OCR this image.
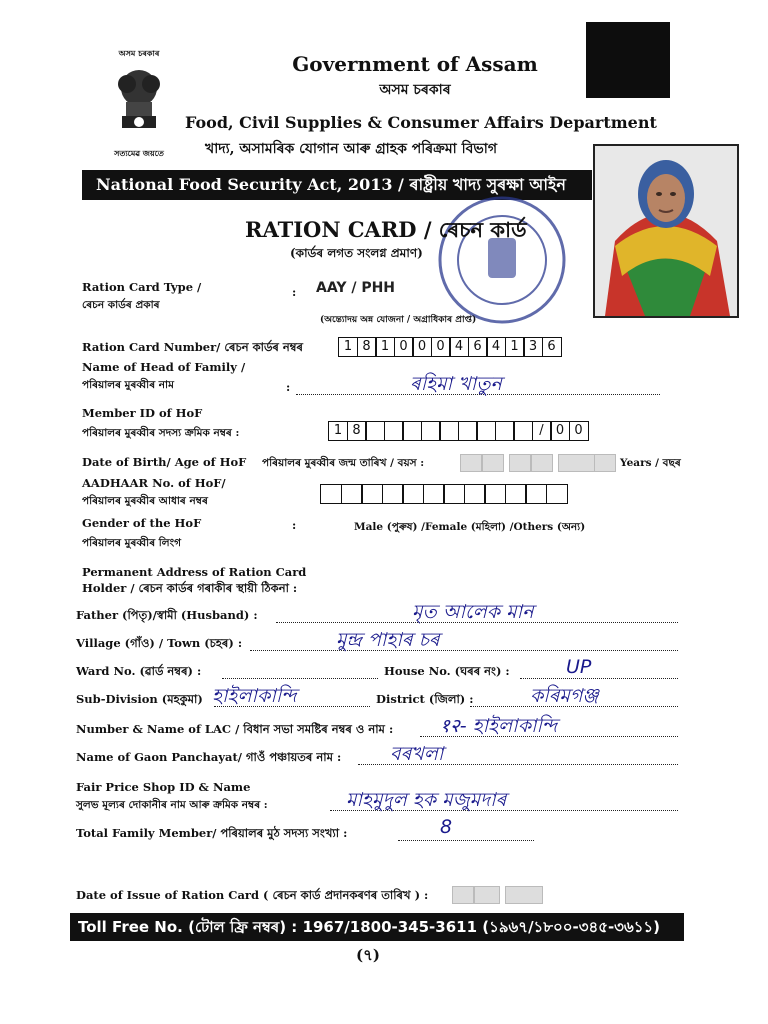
অসম চৰকাৰ
সত্যমেৱ জয়তে
Government of Assam
অসম চৰকাৰ
Food, Civil Supplies & Consumer Affairs Department
খাদ্য, অসামৰিক যোগান আৰু গ্ৰাহক পৰিক্ৰমা বিভাগ
National Food Security Act, 2013 / ৰাষ্ট্ৰীয় খাদ্য সুৰক্ষা আইন
RATION CARD / ৰেচন কাৰ্ড
(কাৰ্ডৰ লগত সংলগ্ন প্ৰমাণ)
Ration Card Type /
ৰেচন কাৰ্ডৰ প্ৰকাৰ
: AAY / PHH
(অন্ত্যোদয় অন্ন যোজনা / অগ্ৰাধিকাৰ প্ৰাপ্ত)
Ration Card Number/ ৰেচন কাৰ্ডৰ নম্বৰ	1 8 1 0 0 0 4 6 4 1 3 6
Name of Head of Family /
পৰিয়ালৰ মুৰব্বীৰ নাম	:	ৰহিমা খাতুন
Member ID of HoF
পৰিয়ালৰ মুৰব্বীৰ সদস্য ক্ৰমিক নম্বৰ :	1 8	/ 0 0
Date of Birth/ Age of HoF পৰিয়ালৰ মুৰব্বীৰ জন্ম তাৰিখ / বয়স :
	Years / বছৰ
AADHAAR No. of HoF/
পৰিয়ালৰ মুৰব্বীৰ আধাৰ নম্বৰ
Gender of the HoF
পৰিয়ালৰ মুৰব্বীৰ লিংগ
:	Male (পুৰুষ) /Female (মহিলা) /Others (অন্য)
Permanent Address of Ration Card
Holder / ৰেচন কাৰ্ডৰ গৰাকীৰ স্থায়ী ঠিকনা :
Father (পিতৃ)/স্বামী (Husband) :	মৃত আলেক মান
Village (গাঁও) / Town (চহৰ) :	মুন্দ্ৰ পাহাৰ চৰ
Ward No. (ৱাৰ্ড নম্বৰ) :	House No. (ঘৰৰ নং) :	UP
Sub-Division (মহকুমা) হাইলাকান্দি	District (জিলা) :	কৰিমগঞ্জ
Number & Name of LAC / বিধান সভা সমষ্টিৰ নম্বৰ ও নাম : १२- হাইলাকান্দি
Name of Gaon Panchayat/ গাওঁ পঞ্চায়তৰ নাম :	বৰখলা
Fair Price Shop ID & Name
সুলভ মূল্যৰ দোকানীৰ নাম আৰু ক্ৰমিক নম্বৰ :	মাহমুদুল হক মজুমদাৰ
Total Family Member/ পৰিয়ালৰ মুঠ সদস্য সংখ্যা :	8
Date of Issue of Ration Card ( ৰেচন কাৰ্ড প্ৰদানকৰণৰ তাৰিখ ) :

Toll Free No. (টোল ফ্ৰি নম্বৰ) : 1967/1800-345-3611 (১৯৬৭/১৮০০-৩৪৫-৩৬১১)
(৭)
